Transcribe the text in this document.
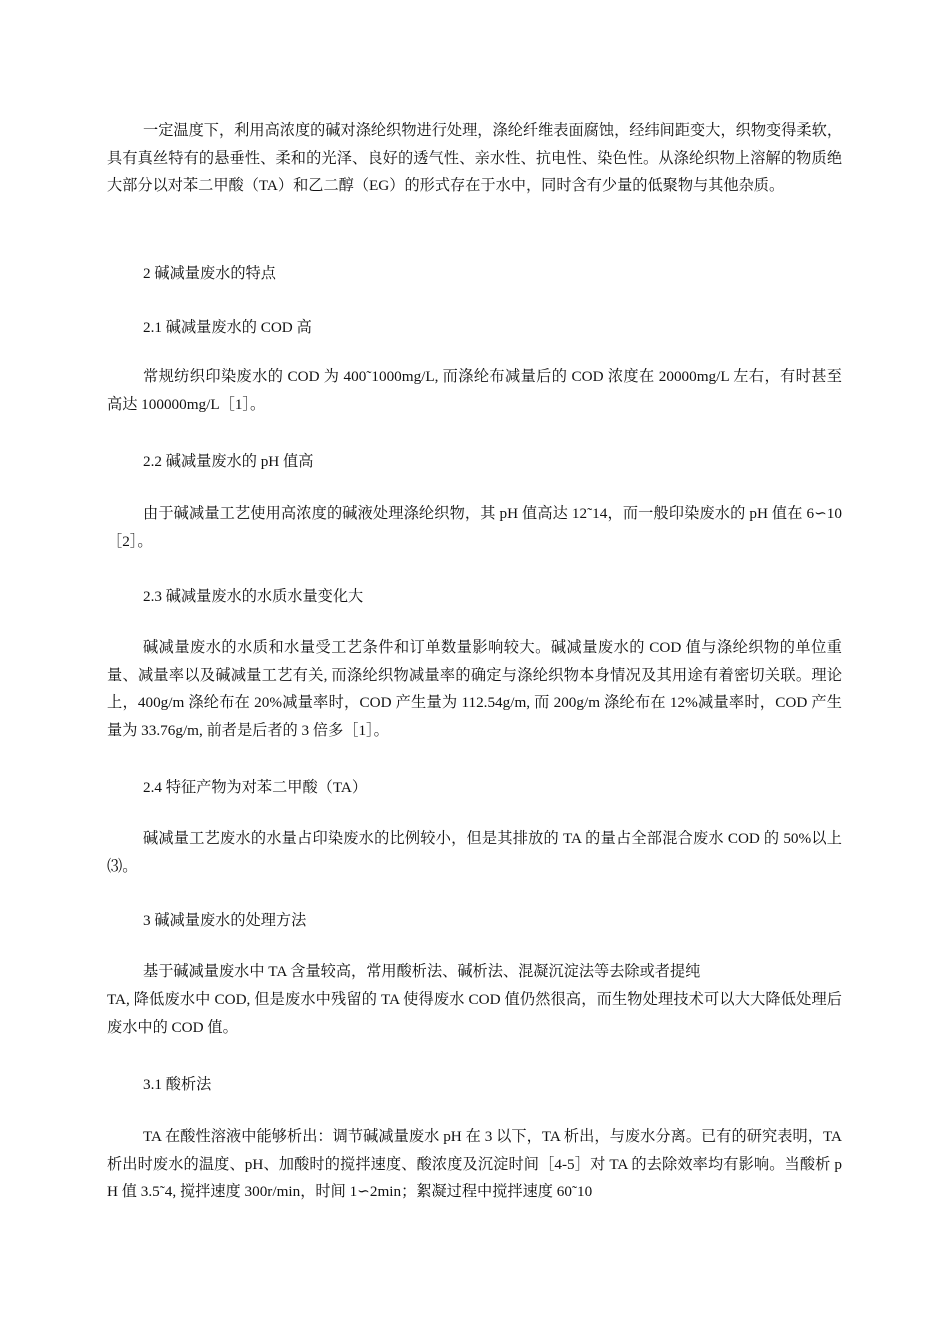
一定温度下，利用高浓度的碱对涤纶织物进行处理，涤纶纤维表面腐蚀，经纬间距变大，织物变得柔软，具有真丝特有的悬垂性、柔和的光泽、良好的透气性、亲水性、抗电性、染色性。从涤纶织物上溶解的物质绝大部分以对苯二甲酸（TA）和乙二醇（EG）的形式存在于水中，同时含有少量的低聚物与其他杂质。

2 碱减量废水的特点

2.1 碱减量废水的 COD 高

常规纺织印染废水的 COD 为 400˜1000mg/L, 而涤纶布减量后的 COD 浓度在 20000mg/L 左右，有时甚至高达 100000mg/L［1］。

2.2 碱减量废水的 pH 值高

由于碱减量工艺使用高浓度的碱液处理涤纶织物，其 pH 值高达 12˜14，而一般印染废水的 pH 值在 6∽10［2］。

2.3 碱减量废水的水质水量变化大

碱减量废水的水质和水量受工艺条件和订单数量影响较大。碱减量废水的 COD 值与涤纶织物的单位重量、减量率以及碱减量工艺有关, 而涤纶织物减量率的确定与涤纶织物本身情况及其用途有着密切关联。理论上，400g/m 涤纶布在 20%减量率时，COD 产生量为 112.54g/m, 而 200g/m 涤纶布在 12%减量率时，COD 产生量为 33.76g/m, 前者是后者的 3 倍多［1］。

2.4 特征产物为对苯二甲酸（TA）

碱减量工艺废水的水量占印染废水的比例较小，但是其排放的 TA 的量占全部混合废水 COD 的 50%以上⑶。

3 碱减量废水的处理方法

基于碱减量废水中 TA 含量较高，常用酸析法、碱析法、混凝沉淀法等去除或者提纯

TA, 降低废水中 COD, 但是废水中残留的 TA 使得废水 COD 值仍然很高，而生物处理技术可以大大降低处理后废水中的 COD 值。

3.1 酸析法

TA 在酸性溶液中能够析出：调节碱减量废水 pH 在 3 以下，TA 析出，与废水分离。已有的研究表明，TA 析出时废水的温度、pH、加酸时的搅拌速度、酸浓度及沉淀时间［4-5］对 TA 的去除效率均有影响。当酸析 pH 值 3.5˜4, 搅拌速度 300r/min，时间 1∽2min；絮凝过程中搅拌速度 60˜10
